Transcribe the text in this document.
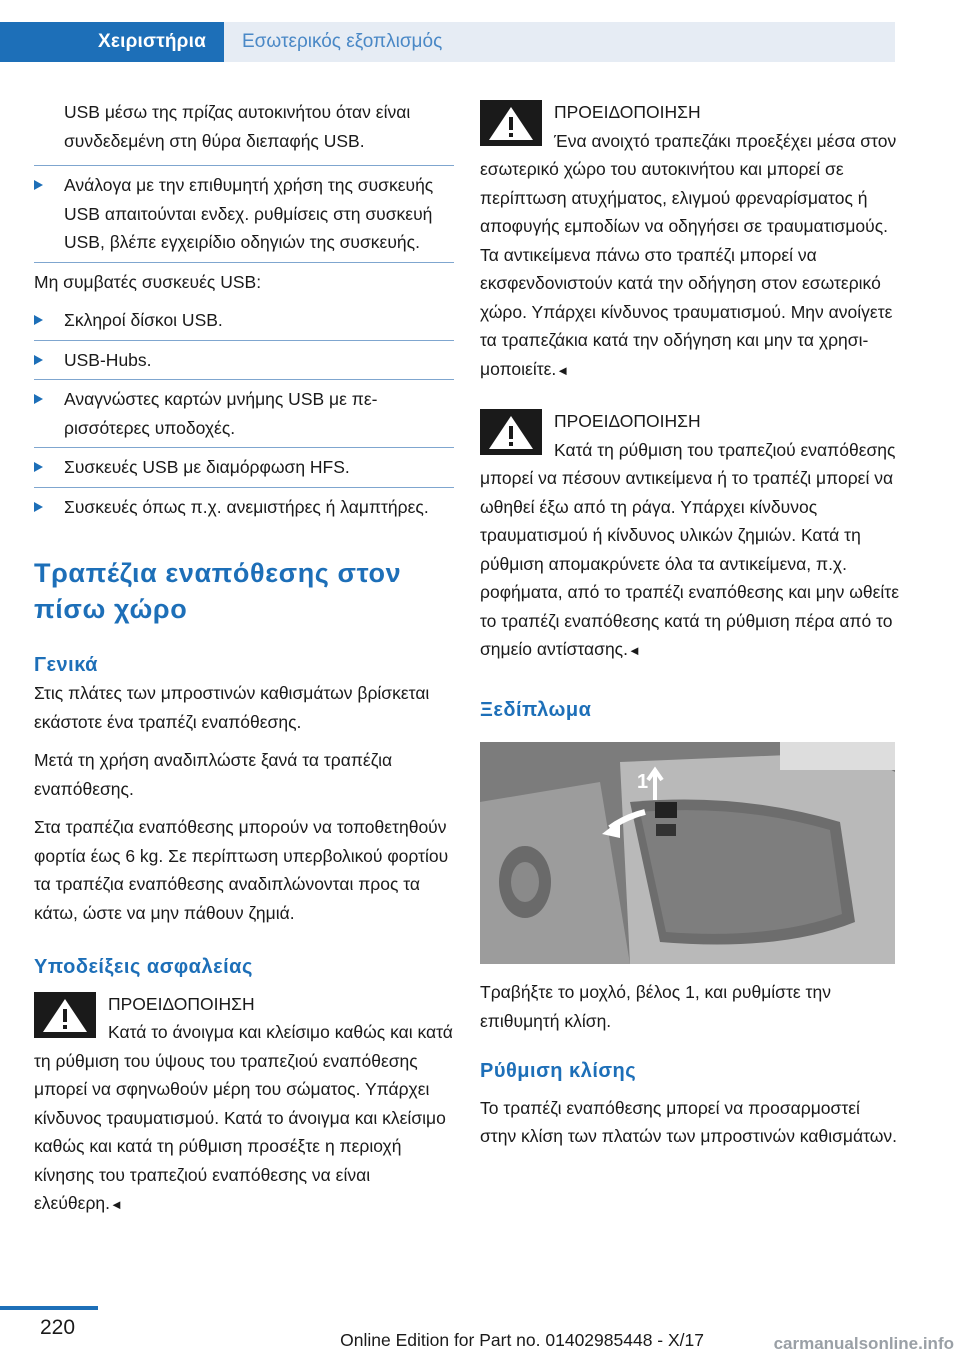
Χειριστήρια	Εσωτερικός εξοπλισμός

USB μέσω της πρίζας αυτοκινήτου όταν είναι συνδεδεμένη στη θύρα διεπαφής USB.

Ανάλογα με την επιθυμητή χρήση της συσκευής USB απαιτούνται ενδεχ. ρυθμίσεις στη συσκευή USB, βλέπε εγχειρίδιο οδηγιών της συσκευής.

Μη συμβατές συσκευές USB:

Σκληροί δίσκοι USB.
USB-Hubs.
Αναγνώστες καρτών μνήμης USB με περισσότερες υποδοχές.
Συσκευές USB με διαμόρφωση HFS.
Συσκευές όπως π.χ. ανεμιστήρες ή λαμπτήρες.
Τραπέζια εναπόθεσης στον πίσω χώρο
Γενικά

Στις πλάτες των μπροστινών καθισμάτων βρίσκεται εκάστοτε ένα τραπέζι εναπόθεσης.

Μετά τη χρήση αναδιπλώστε ξανά τα τραπέζια εναπόθεσης.

Στα τραπέζια εναπόθεσης μπορούν να τοποθετηθούν φορτία έως 6 kg. Σε περίπτωση υπερβολικού φορτίου τα τραπέζια εναπόθεσης αναδιπλώνονται προς τα κάτω, ώστε να μην πάθουν ζημιά.

Υποδείξεις ασφαλείας
ΠΡΟΕΙΔΟΠΟΙΗΣΗ
Κατά το άνοιγμα και κλείσιμο καθώς και κατά τη ρύθμιση του ύψους του τραπεζιού εναπόθεσης μπορεί να σφηνωθούν μέρη του σώματος. Υπάρχει κίνδυνος τραυματισμού. Κατά το άνοιγμα και κλείσιμο καθώς και κατά τη ρύθμιση προσέξτε η περιοχή κίνησης του τραπεζιού εναπόθεσης να είναι ελεύθερη.◄
ΠΡΟΕΙΔΟΠΟΙΗΣΗ
Ένα ανοιχτό τραπεζάκι προεξέχει μέσα στον εσωτερικό χώρο του αυτοκινήτου και μπορεί σε περίπτωση ατυχήματος, ελιγμού φρεναρίσματος ή αποφυγής εμποδίων να οδηγήσει σε τραυματισμούς. Τα αντικείμενα πάνω στο τραπέζι μπορεί να εκσφενδονιστούν κατά την οδήγηση στον εσωτερικό χώρο. Υπάρχει κίνδυνος τραυματισμού. Μην ανοίγετε τα τραπεζάκια κατά την οδήγηση και μην τα χρησιμοποιείτε.◄
ΠΡΟΕΙΔΟΠΟΙΗΣΗ
Κατά τη ρύθμιση του τραπεζιού εναπόθεσης μπορεί να πέσουν αντικείμενα ή το τραπέζι μπορεί να ωθηθεί έξω από τη ράγα. Υπάρχει κίνδυνος τραυματισμού ή κίνδυνος υλικών ζημιών. Κατά τη ρύθμιση απομακρύνετε όλα τα αντικείμενα, π.χ. ροφήματα, από το τραπέζι εναπόθεσης και μην ωθείτε το τραπέζι εναπόθεσης κατά τη ρύθμιση πέρα από το σημείο αντίστασης.◄
Ξεδίπλωμα
1

Τραβήξτε το μοχλό, βέλος 1, και ρυθμίστε την επιθυμητή κλίση.

Ρύθμιση κλίσης

Το τραπέζι εναπόθεσης μπορεί να προσαρμοστεί στην κλίση των πλατών των μπροστινών καθισμάτων.

220
Online Edition for Part no. 01402985448 - X/17	carmanualsonline.info
